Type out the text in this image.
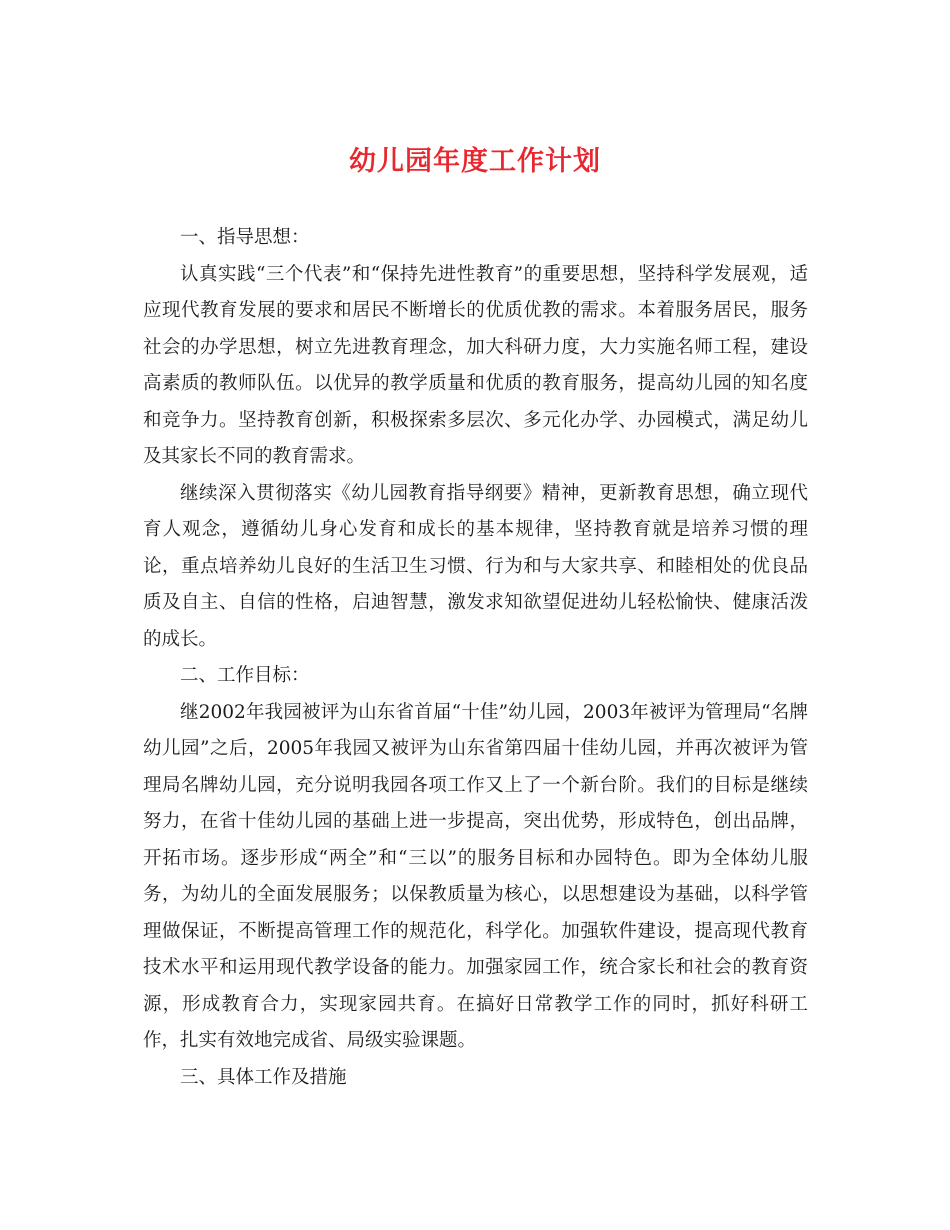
幼儿园年度工作计划

一、指导思想：

认真实践“三个代表”和“保持先进性教育”的重要思想，坚持科学发展观，适应现代教育发展的要求和居民不断增长的优质优教的需求。本着服务居民，服务社会的办学思想，树立先进教育理念，加大科研力度，大力实施名师工程，建设高素质的教师队伍。以优异的教学质量和优质的教育服务，提高幼儿园的知名度和竞争力。坚持教育创新，积极探索多层次、多元化办学、办园模式，满足幼儿及其家长不同的教育需求。

继续深入贯彻落实《幼儿园教育指导纲要》精神，更新教育思想，确立现代育人观念，遵循幼儿身心发育和成长的基本规律，坚持教育就是培养习惯的理论，重点培养幼儿良好的生活卫生习惯、行为和与大家共享、和睦相处的优良品质及自主、自信的性格，启迪智慧，激发求知欲望促进幼儿轻松愉快、健康活泼的成长。

二、工作目标：

继2002年我园被评为山东省首届“十佳”幼儿园，2003年被评为管理局“名牌幼儿园”之后，2005年我园又被评为山东省第四届十佳幼儿园，并再次被评为管理局名牌幼儿园，充分说明我园各项工作又上了一个新台阶。我们的目标是继续努力，在省十佳幼儿园的基础上进一步提高，突出优势，形成特色，创出品牌，开拓市场。逐步形成“两全”和“三以”的服务目标和办园特色。即为全体幼儿服务，为幼儿的全面发展服务；以保教质量为核心，以思想建设为基础，以科学管理做保证，不断提高管理工作的规范化，科学化。加强软件建设，提高现代教育技术水平和运用现代教学设备的能力。加强家园工作，统合家长和社会的教育资源，形成教育合力，实现家园共育。在搞好日常教学工作的同时，抓好科研工作，扎实有效地完成省、局级实验课题。

三、具体工作及措施
